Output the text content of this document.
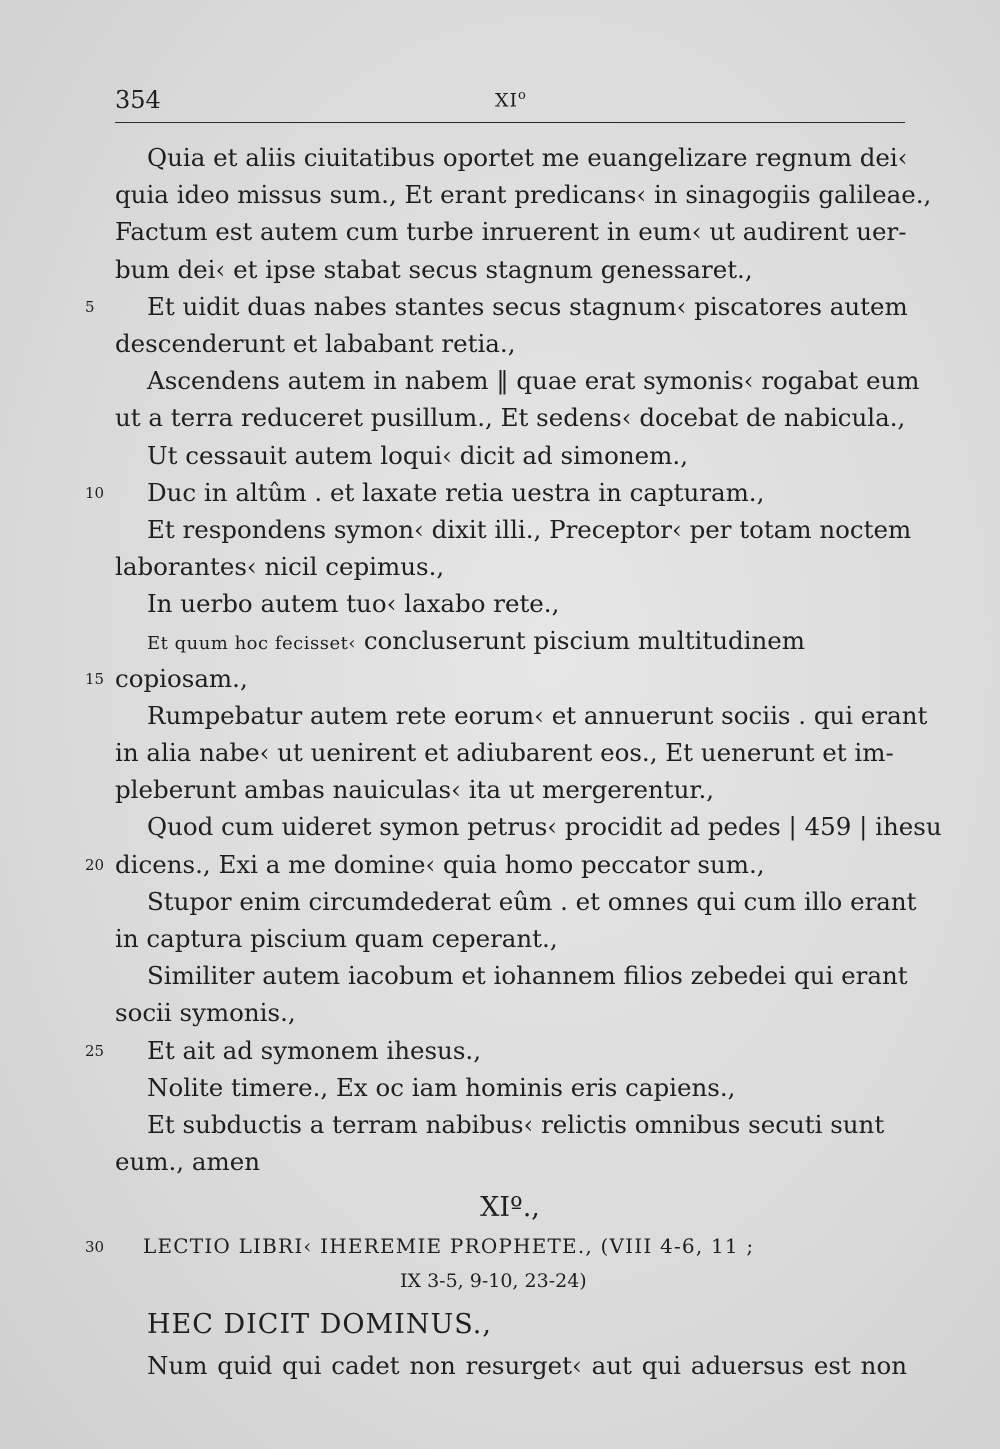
354	$XI^o$
Quia et aliis ciuitatibus oportet me euangelizare regnum dei‹
quia ideo missus sum., Et erant predicans‹ in sinagogiis galileae.,
Factum est autem cum turbe inruerent in eum‹ ut audirent uer-
bum dei‹ et ipse stabat secus stagnum genessaret.,
5 Et uidit duas nabes stantes secus stagnum‹ piscatores autem
descenderunt et lababant retia.,
Ascendens autem in nabem ‖ quae erat symonis‹ rogabat eum
ut a terra reduceret pusillum., Et sedens‹ docebat de nabicula.,
Ut cessauit autem loqui‹ dicit ad simonem.,
10 Duc in altûm . et laxate retia uestra in capturam.,
Et respondens symon‹ dixit illi., Preceptor‹ per totam noctem
laborantes‹ nicil cepimus.,
In uerbo autem tuo‹ laxabo rete.,
Et quum hoc fecisset‹ concluserunt piscium multitudinem
15 copiosam.,
Rumpebatur autem rete eorum‹ et annuerunt sociis . qui erant
in alia nabe‹ ut uenirent et adiubarent eos., Et uenerunt et im-
pleberunt ambas nauiculas‹ ita ut mergerentur.,
Quod cum uideret symon petrus‹ procidit ad pedes | 459 | ihesu
20 dicens., Exi a me domine‹ quia homo peccator sum.,
Stupor enim circumdederat eûm . et omnes qui cum illo erant
in captura piscium quam ceperant.,
Similiter autem iacobum et iohannem filios zebedei qui erant
socii symonis.,
25 Et ait ad symonem ihesus.,
Nolite timere., Ex oc iam hominis eris capiens.,
Et subductis a terram nabibus‹ relictis omnibus secuti sunt
eum., amen
XIº.,
30 LECTIO LIBRI‹ IHEREMIE PROPHETE., (VIII 4-6, 11 ;
IX 3-5, 9-10, 23-24)
HEC DICIT DOMINUS.,
Num quid qui cadet non resurget‹ aut qui aduersus est non
